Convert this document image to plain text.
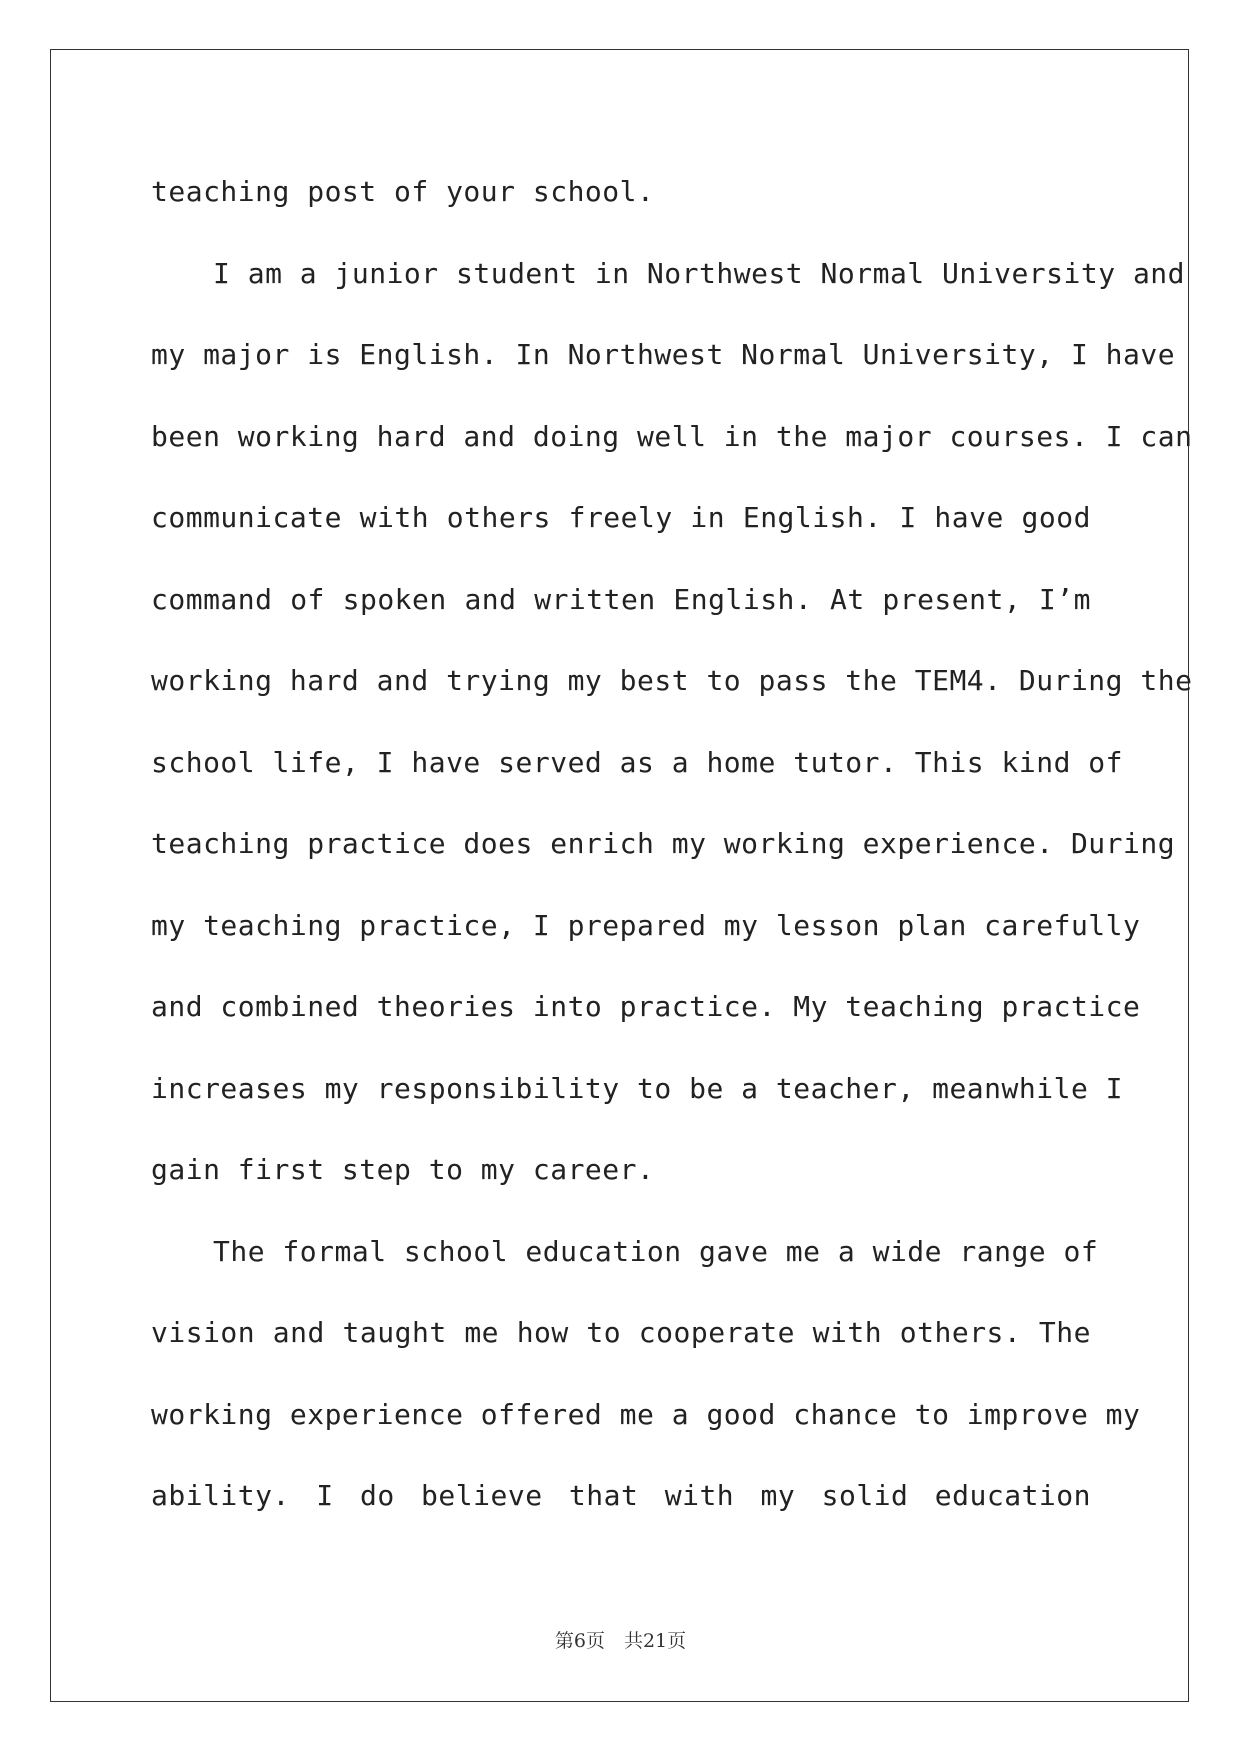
teaching post of your school.
I am a junior student in Northwest Normal University and
my major is English. In Northwest Normal University, I have
been working hard and doing well in the major courses. I can
communicate with others freely in English. I have good
command of spoken and written English. At present, I’m
working hard and trying my best to pass the TEM4. During the
school life, I have served as a home tutor. This kind of
teaching practice does enrich my working experience. During
my teaching practice, I prepared my lesson plan carefully
and combined theories into practice. My teaching practice
increases my responsibility to be a teacher, meanwhile I
gain first step to my career.
The formal school education gave me a wide range of
vision and taught me how to cooperate with others. The
working experience offered me a good chance to improve my
ability. I do believe that with my solid education
第6页　共21页
